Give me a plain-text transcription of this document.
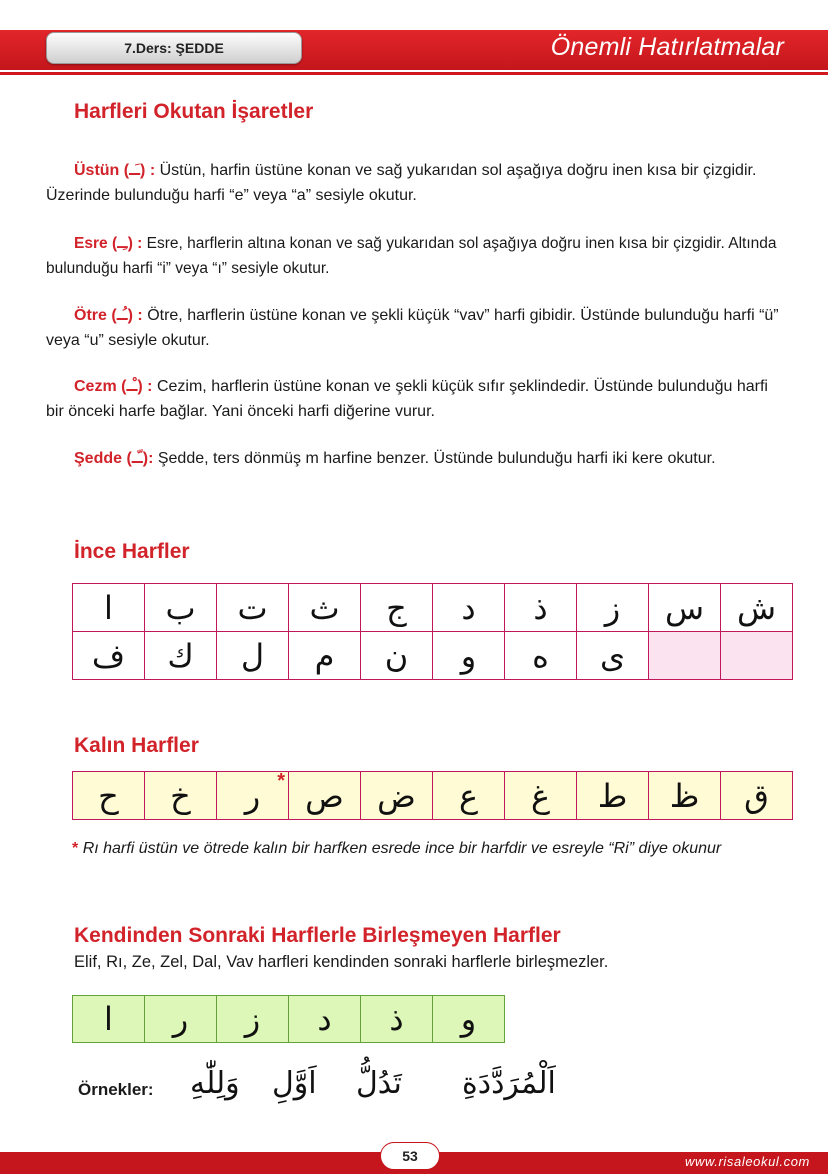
7.Ders: ŞEDDE	Önemli Hatırlatmalar
Harfleri Okutan İşaretler
Üstün (ـَـ) : Üstün, harfin üstüne konan ve sağ yukarıdan sol aşağıya doğru inen kısa bir çizgidir. Üzerinde bulunduğu harfi “e” veya “a” sesiyle okutur.
Esre (ـِـ) : Esre, harflerin altına konan ve sağ yukarıdan sol aşağıya doğru inen kısa bir çizgidir. Altında bulunduğu harfi “i” veya “ı” sesiyle okutur.
Ötre (ـُـ) : Ötre, harflerin üstüne konan ve şekli küçük “vav” harfi gibidir. Üstünde bulunduğu harfi “ü” veya “u” sesiyle okutur.
Cezm (ـْـ) : Cezim, harflerin üstüne konan ve şekli küçük sıfır şeklindedir. Üstünde bulunduğu harfi bir önceki harfe bağlar. Yani önceki harfi diğerine vurur.
Şedde (ـّـ): Şedde, ters dönmüş m harfine benzer. Üstünde bulunduğu harfi iki kere okutur.
İnce Harfler
ا	ب	ت	ث	ج	د	ذ	ز	س	ش
ف	ك	ل	م	ن	و	ه	ى		
Kalın Harfler
ح	خ	ر *	ص	ض	ع	غ	ط	ظ	ق
* Rı harfi üstün ve ötrede kalın bir harfken esrede ince bir harfdir ve esreyle “Ri” diye okunur
Kendinden Sonraki Harflerle Birleşmeyen Harfler
Elif, Rı, Ze, Zel, Dal, Vav harfleri kendinden sonraki harflerle birleşmezler.
ا	ر	ز	د	ذ	و
Örnekler: وَلِلّٰهِ اَوَّلِ تَدُلُّ اَلْمُرَدَّدَةِ
53	www.risaleokul.com
